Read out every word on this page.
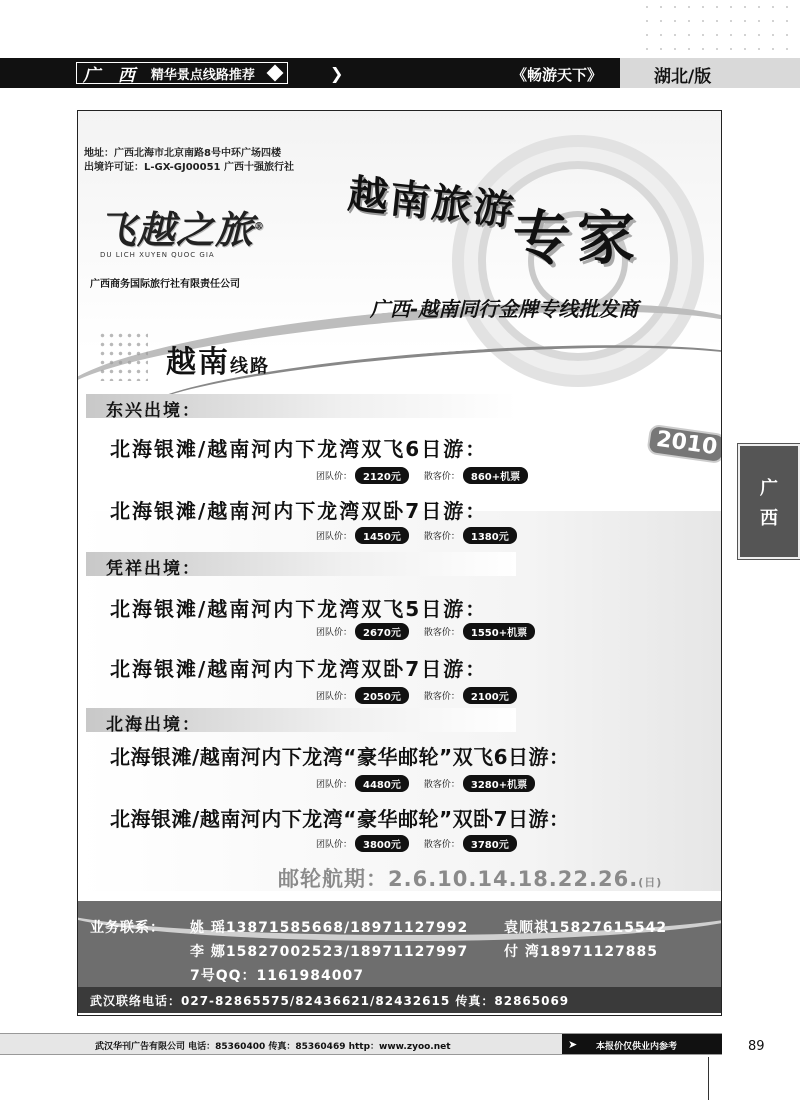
广 西 精华景点线路推荐	❯	《畅游天下》	湖北/版
地址：广西北海市北京南路8号中环广场四楼
出境许可证：L-GX-GJ00051 广西十强旅行社
飞越之旅®
DU LICH XUYEN QUOC GIA
广西商务国际旅行社有限责任公司
越南旅游
专家
广西-越南同行金牌专线批发商
越南线路
2010
东兴出境：
北海银滩/越南河内下龙湾双飞6日游：
团队价：	2120元	散客价：	860+机票
北海银滩/越南河内下龙湾双卧7日游：
团队价：	1450元	散客价：	1380元
凭祥出境：
北海银滩/越南河内下龙湾双飞5日游：
团队价：	2670元	散客价：	1550+机票
北海银滩/越南河内下龙湾双卧7日游：
团队价：	2050元	散客价：	2100元
北海出境：
北海银滩/越南河内下龙湾“豪华邮轮”双飞6日游：
团队价：	4480元	散客价：	3280+机票
北海银滩/越南河内下龙湾“豪华邮轮”双卧7日游：
团队价：	3800元	散客价：	3780元
邮轮航期：2.6.10.14.18.22.26.(日)
业务联系： 姚 瑶13871585668/18971127992	袁顺祺15827615542
李 娜15827002523/18971127997	付 湾18971127885
7号QQ：1161984007
武汉联络电话：027-82865575/82436621/82432615 传真：82865069
广
西
武汉华刊广告有限公司 电话：85360400 传真：85360469 http：www.zyoo.net	本报价仅供业内参考
➤	89
